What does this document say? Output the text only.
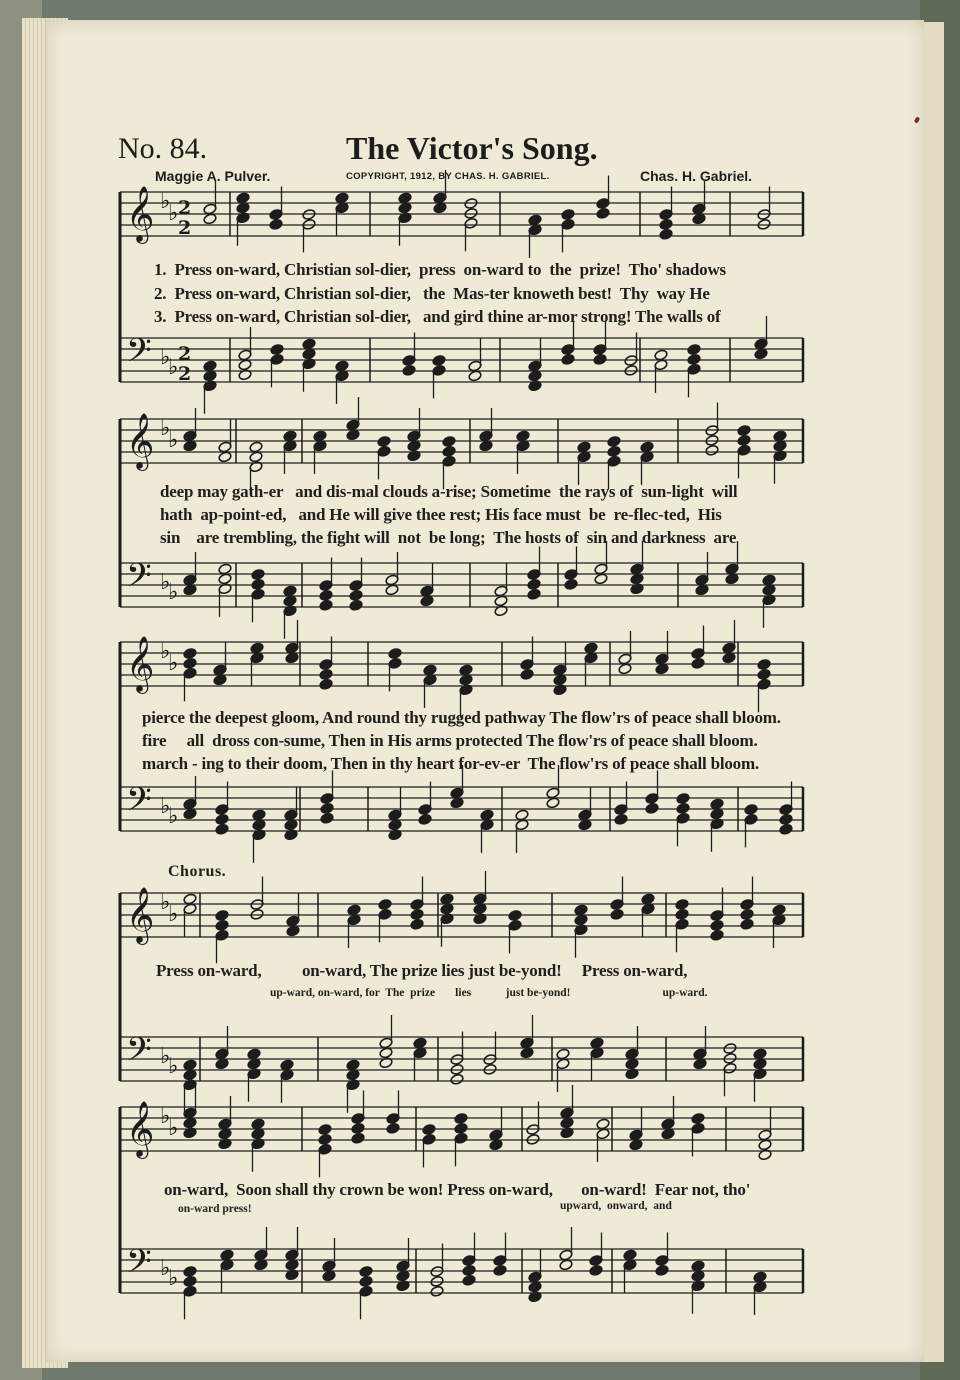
No. 84.	The Victor's Song.
Maggie A. Pulver.	COPYRIGHT, 1912, BY CHAS. H. GABRIEL.	Chas. H. Gabriel.
𝄞 ♭
♭ 2
2
𝄢 ♭
♭
2
2
𝄞 ♭
♭
𝄢 ♭
♭
𝄞 ♭
♭
𝄢 ♭
♭
𝄞 ♭
♭
𝄢 ♭
♭
𝄞 ♭
♭
𝄢 ♭
♭
1.  Press on-ward, Christian sol-dier,  press  on-ward to  the  prize!  Tho' shadows
2.  Press on-ward, Christian sol-dier,   the  Mas-ter knoweth best!  Thy  way He
3.  Press on-ward, Christian sol-dier,   and gird thine ar-mor strong! The walls of
deep may gath-er   and dis-mal clouds a-rise; Sometime  the rays of  sun-light  will
hath  ap-point-ed,   and He will give thee rest; His face must  be  re-flec-ted,  His
sin    are trembling, the fight will  not  be long;  The hosts of  sin and darkness  are
pierce the deepest gloom, And round thy rugged pathway The flow'rs of peace shall bloom.
fire     all  dross con-sume, Then in His arms protected The flow'rs of peace shall bloom.
march - ing to their doom, Then in thy heart for-ev-er  The flow'rs of peace shall bloom.
Chorus.
Press on-ward,          on-ward, The prize lies just be-yond!     Press on-ward,
up-ward, on-ward, for  The  prize       lies            just be-yond!                                up-ward.
on-ward,  Soon shall thy crown be won! Press on-ward,       on-ward!  Fear not, tho'
on-ward press!	upward,  onward,  and
